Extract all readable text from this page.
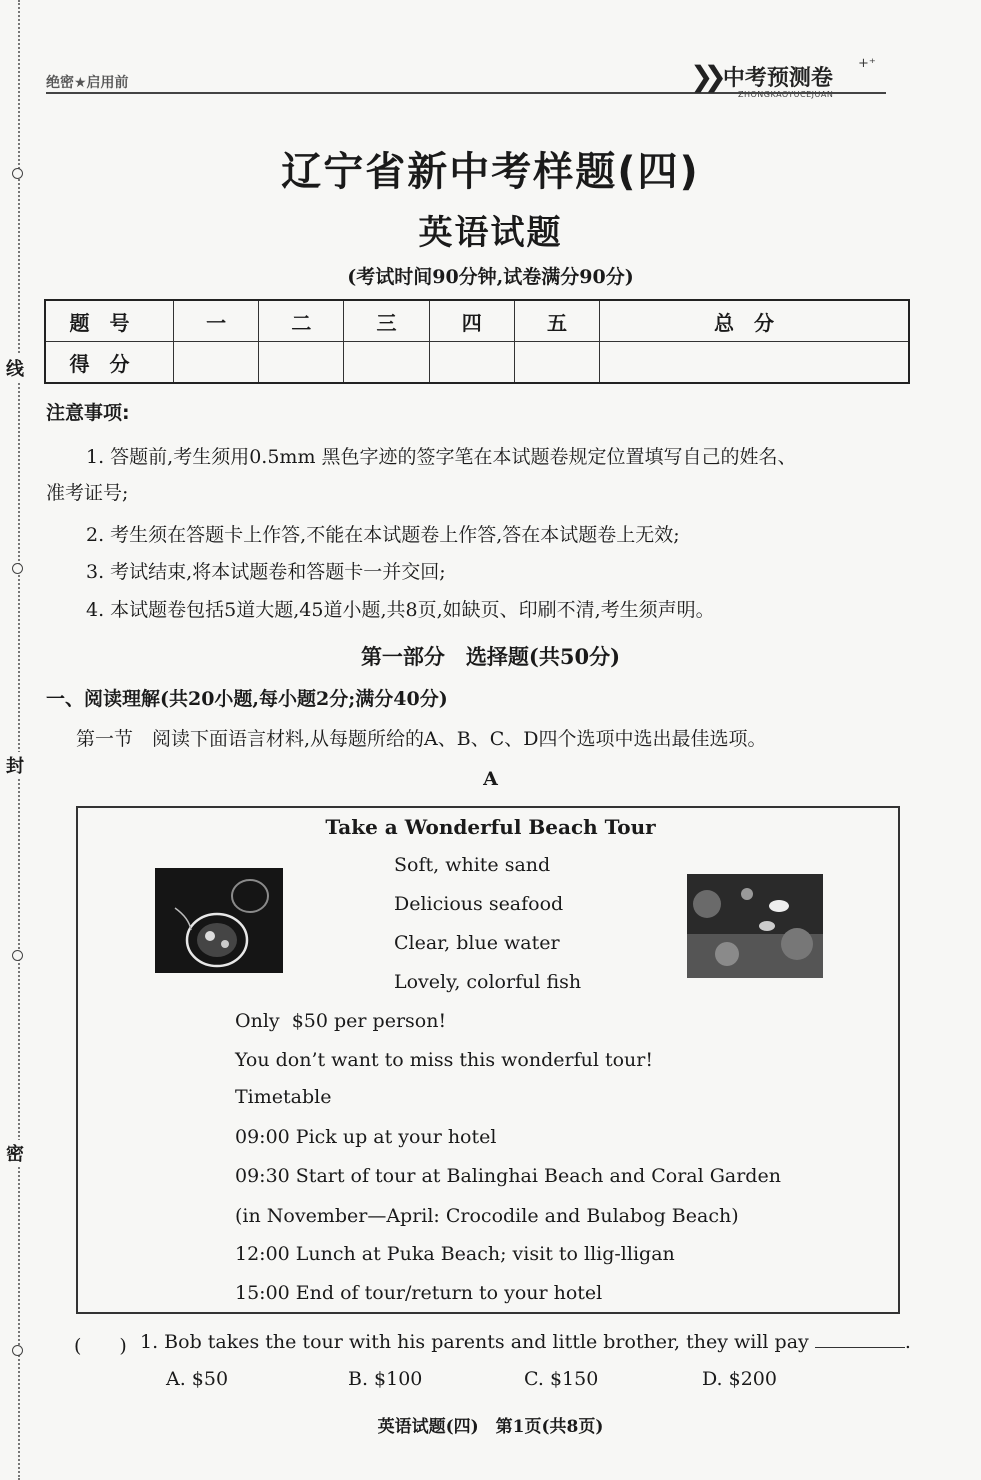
线
封
密
绝密★启用前	❯❯ 中考预测卷
ZHONGKAOYUCEJUAN
+⁺
辽宁省新中考样题(四)
英语试题
(考试时间90分钟,试卷满分90分)
题号	一	二	三	四	五	总分
得分						
注意事项:
1. 答题前,考生须用0.5mm 黑色字迹的签字笔在本试题卷规定位置填写自己的姓名、
准考证号;
2. 考生须在答题卡上作答,不能在本试题卷上作答,答在本试题卷上无效;
3. 考试结束,将本试题卷和答题卡一并交回;
4. 本试题卷包括5道大题,45道小题,共8页,如缺页、印刷不清,考生须声明。
第一部分　选择题(共50分)
一、阅读理解(共20小题,每小题2分;满分40分)
第一节　阅读下面语言材料,从每题所给的A、B、C、D四个选项中选出最佳选项。
A
Take a Wonderful Beach Tour
Soft, white sand
Delicious seafood
Clear, blue water
Lovely, colorful fish
Only  $50 per person!
You don’t want to miss this wonderful tour!
Timetable
09:00 Pick up at your hotel
09:30 Start of tour at Balinghai Beach and Coral Garden
(in November—April: Crocodile and Bulabog Beach)
12:00 Lunch at Puka Beach; visit to llig-lligan
15:00 End of tour/return to your hotel
(　　) 1. Bob takes the tour with his parents and little brother, they will pay	.
A. $50	B. $100	C. $150	D. $200
英语试题(四)　第1页(共8页)
